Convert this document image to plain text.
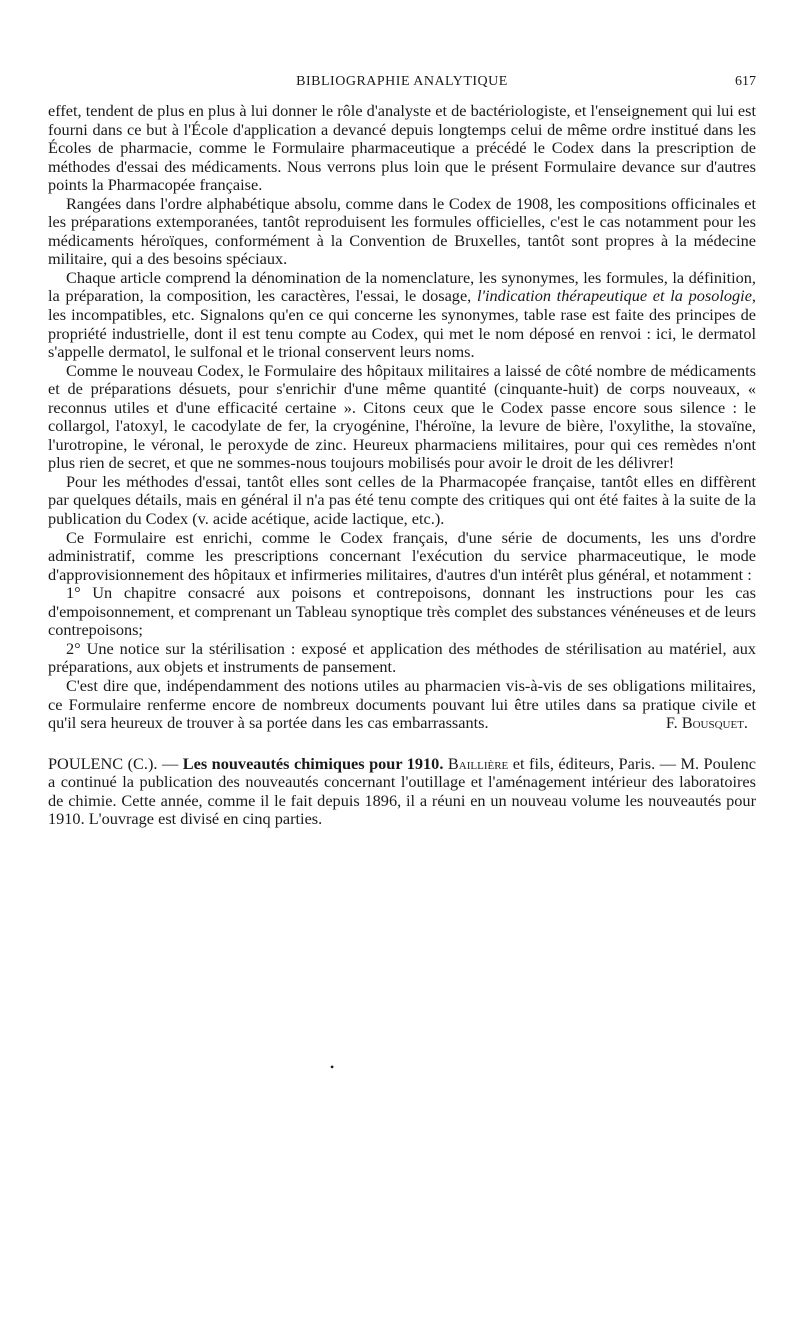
BIBLIOGRAPHIE ANALYTIQUE	617

effet, tendent de plus en plus à lui donner le rôle d'analyste et de bactériologiste, et l'enseignement qui lui est fourni dans ce but à l'École d'application a devancé depuis longtemps celui de même ordre institué dans les Écoles de pharmacie, comme le Formulaire pharmaceutique a précédé le Codex dans la prescription de méthodes d'essai des médicaments. Nous verrons plus loin que le présent Formulaire devance sur d'autres points la Pharmacopée française.

Rangées dans l'ordre alphabétique absolu, comme dans le Codex de 1908, les compositions officinales et les préparations extemporanées, tantôt reproduisent les formules officielles, c'est le cas notamment pour les médicaments héroïques, conformément à la Convention de Bruxelles, tantôt sont propres à la médecine militaire, qui a des besoins spéciaux.

Chaque article comprend la dénomination de la nomenclature, les synonymes, les formules, la définition, la préparation, la composition, les caractères, l'essai, le dosage, l'indication thérapeutique et la posologie, les incompatibles, etc. Signalons qu'en ce qui concerne les synonymes, table rase est faite des principes de propriété industrielle, dont il est tenu compte au Codex, qui met le nom déposé en renvoi : ici, le dermatol s'appelle dermatol, le sulfonal et le trional conservent leurs noms.

Comme le nouveau Codex, le Formulaire des hôpitaux militaires a laissé de côté nombre de médicaments et de préparations désuets, pour s'enrichir d'une même quantité (cinquante-huit) de corps nouveaux, « reconnus utiles et d'une efficacité certaine ». Citons ceux que le Codex passe encore sous silence : le collargol, l'atoxyl, le cacodylate de fer, la cryogénine, l'héroïne, la levure de bière, l'oxylithe, la stovaïne, l'urotropine, le véronal, le peroxyde de zinc. Heureux pharmaciens militaires, pour qui ces remèdes n'ont plus rien de secret, et que ne sommes-nous toujours mobilisés pour avoir le droit de les délivrer!

Pour les méthodes d'essai, tantôt elles sont celles de la Pharmacopée française, tantôt elles en diffèrent par quelques détails, mais en général il n'a pas été tenu compte des critiques qui ont été faites à la suite de la publication du Codex (v. acide acétique, acide lactique, etc.).

Ce Formulaire est enrichi, comme le Codex français, d'une série de documents, les uns d'ordre administratif, comme les prescriptions concernant l'exécution du service pharmaceutique, le mode d'approvisionnement des hôpitaux et infirmeries militaires, d'autres d'un intérêt plus général, et notamment :

1° Un chapitre consacré aux poisons et contrepoisons, donnant les instructions pour les cas d'empoisonnement, et comprenant un Tableau synoptique très complet des substances vénéneuses et de leurs contrepoisons;

2° Une notice sur la stérilisation : exposé et application des méthodes de stérilisation au matériel, aux préparations, aux objets et instruments de pansement.

C'est dire que, indépendamment des notions utiles au pharmacien vis-à-vis de ses obligations militaires, ce Formulaire renferme encore de nombreux documents pouvant lui être utiles dans sa pratique civile et qu'il sera heureux de trouver à sa portée dans les cas embarrassants.	F. Bousquet.

POULENC (C.). — Les nouveautés chimiques pour 1910. Baillière et fils, éditeurs, Paris. — M. Poulenc a continué la publication des nouveautés concernant l'outillage et l'aménagement intérieur des laboratoires de chimie. Cette année, comme il le fait depuis 1896, il a réuni en un nouveau volume les nouveautés pour 1910. L'ouvrage est divisé en cinq parties.

•
